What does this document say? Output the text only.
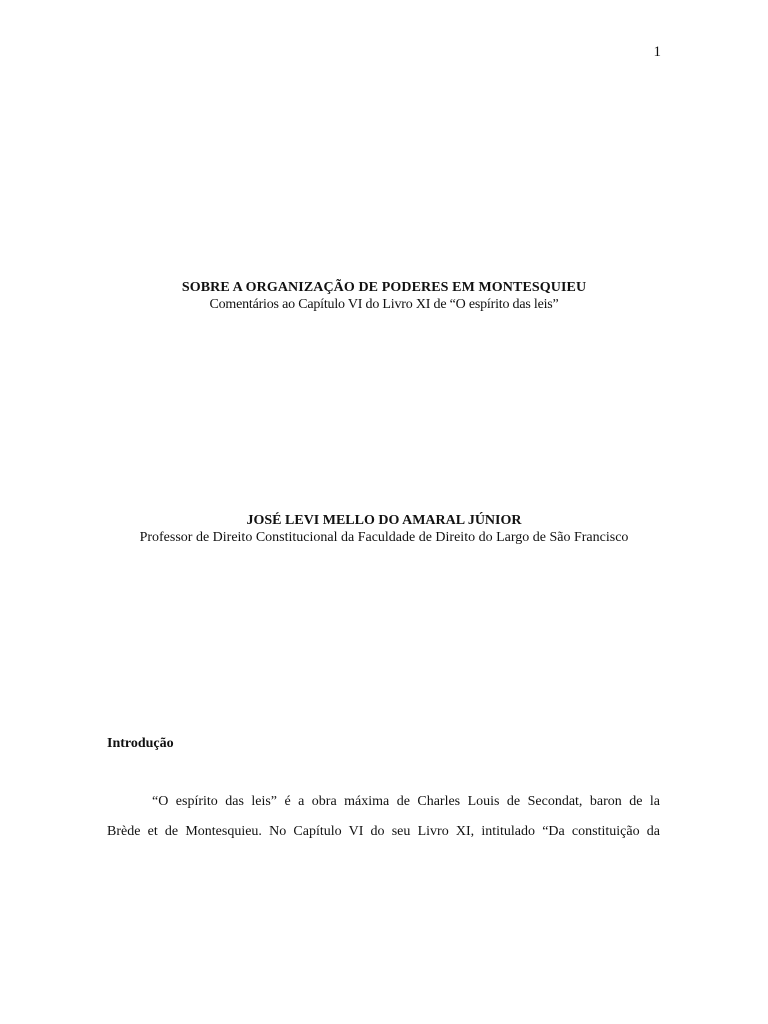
1

SOBRE A ORGANIZAÇÃO DE PODERES EM MONTESQUIEU

Comentários ao Capítulo VI do Livro XI de “O espírito das leis”

JOSÉ LEVI MELLO DO AMARAL JÚNIOR

Professor de Direito Constitucional da Faculdade de Direito do Largo de São Francisco

Introdução

“O espírito das leis” é a obra máxima de Charles Louis de Secondat, baron de la
Brède et de Montesquieu. No Capítulo VI do seu Livro XI, intitulado “Da constituição da
